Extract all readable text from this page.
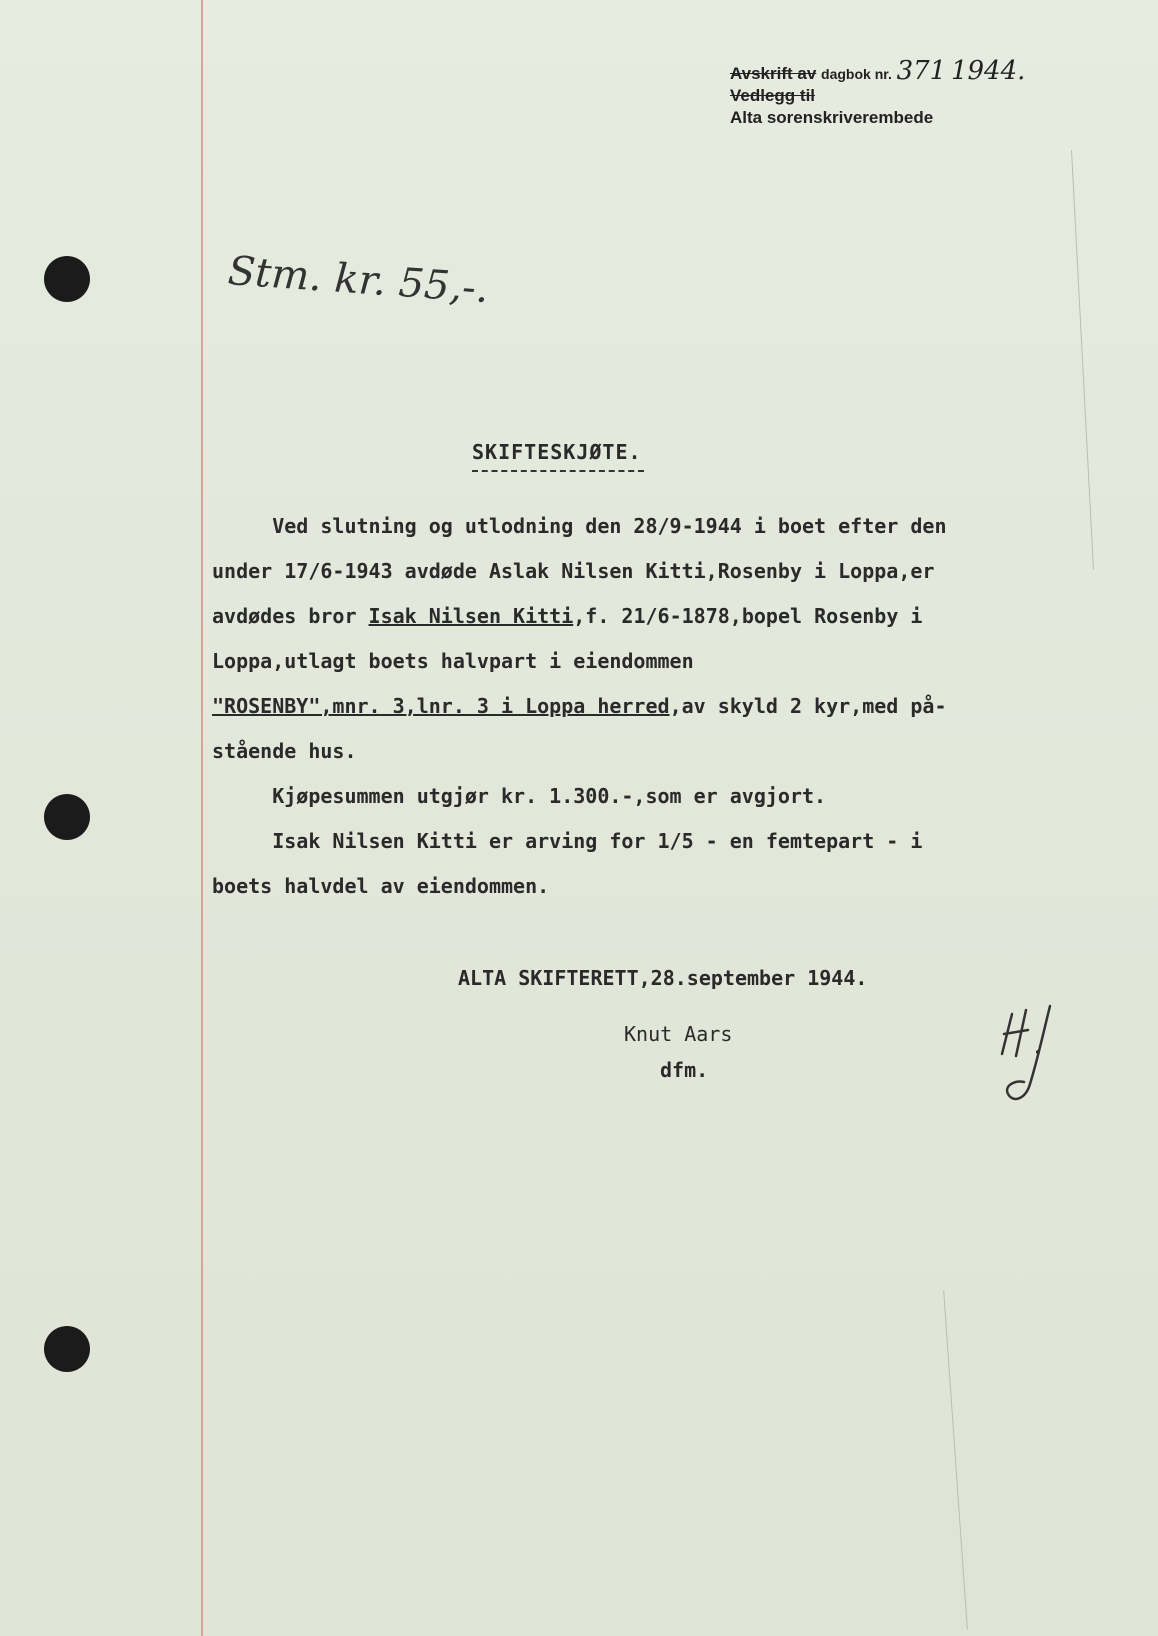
Avskrift av dagbok nr. 371 1944.
Vedlegg til
Alta sorenskriverembede
Stm. kr. 55,-.
SKIFTESKJØTE.
Ved slutning og utlodning den 28/9-1944 i boet efter den
under 17/6-1943 avdøde Aslak Nilsen Kitti,Rosenby i Loppa,er
avdødes bror Isak Nilsen Kitti,f. 21/6-1878,bopel Rosenby i
Loppa,utlagt boets halvpart i eiendommen
"ROSENBY",mnr. 3,lnr. 3 i Loppa herred,av skyld 2 kyr,med på-
stående hus.
Kjøpesummen utgjør kr. 1.300.-,som er avgjort.
Isak Nilsen Kitti er arving for 1/5 - en femtepart - i
boets halvdel av eiendommen.
ALTA SKIFTERETT,28.september 1944.
Knut Aars
dfm.
